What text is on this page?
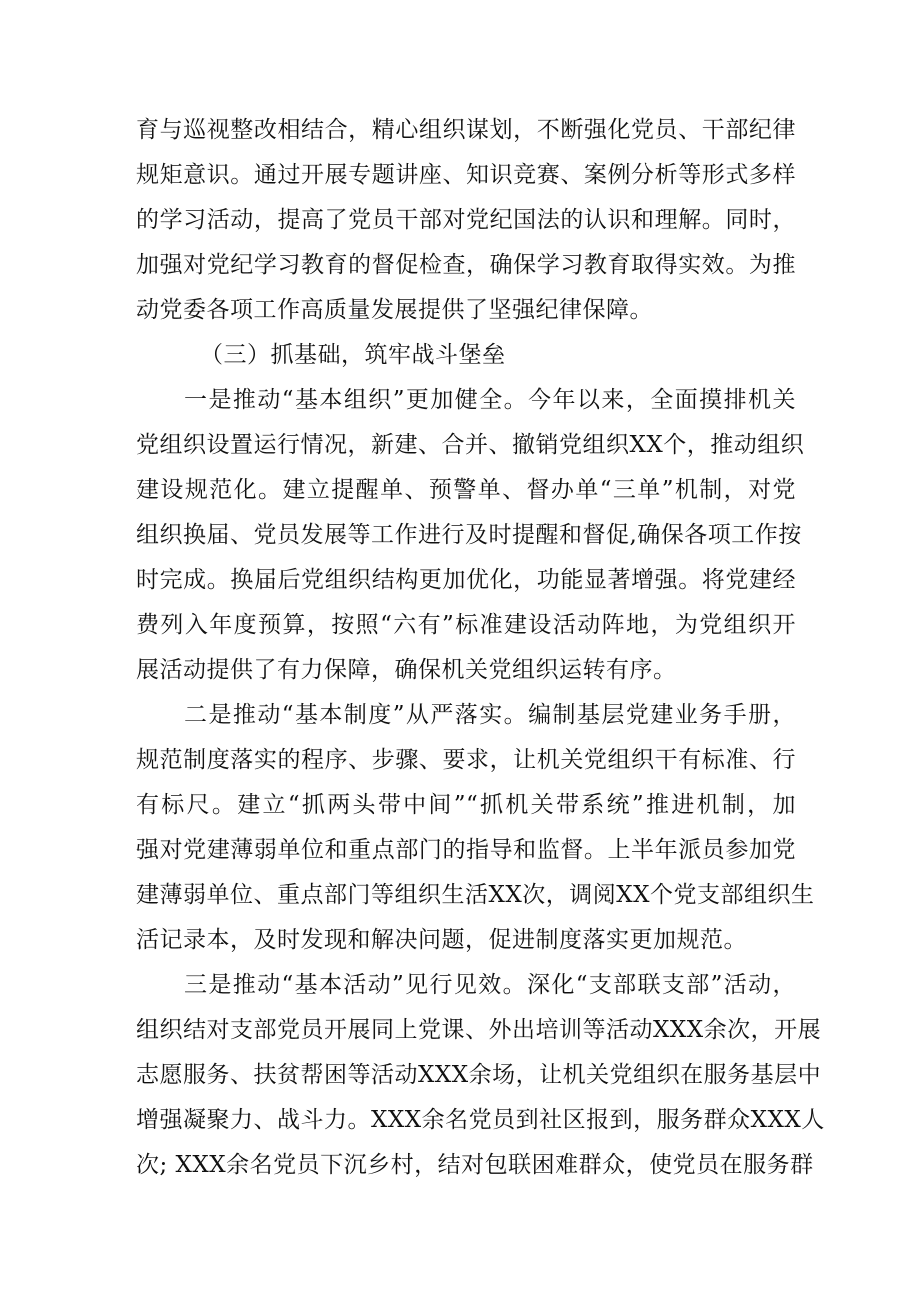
育与巡视整改相结合，精心组织谋划，不断强化党员、干部纪律
规矩意识。通过开展专题讲座、知识竞赛、案例分析等形式多样
的学习活动，提高了党员干部对党纪国法的认识和理解。同时，
加强对党纪学习教育的督促检查，确保学习教育取得实效。为推
动党委各项工作高质量发展提供了坚强纪律保障。
（三）抓基础，筑牢战斗堡垒
一是推动“基本组织”更加健全。今年以来，全面摸排机关
党组织设置运行情况，新建、合并、撤销党组织XX个，推动组织
建设规范化。建立提醒单、预警单、督办单“三单”机制，对党
组织换届、党员发展等工作进行及时提醒和督促,确保各项工作按
时完成。换届后党组织结构更加优化，功能显著增强。将党建经
费列入年度预算，按照“六有”标准建设活动阵地，为党组织开
展活动提供了有力保障，确保机关党组织运转有序。
二是推动“基本制度”从严落实。编制基层党建业务手册，
规范制度落实的程序、步骤、要求，让机关党组织干有标准、行
有标尺。建立“抓两头带中间”“抓机关带系统”推进机制，加
强对党建薄弱单位和重点部门的指导和监督。上半年派员参加党
建薄弱单位、重点部门等组织生活XX次，调阅XX个党支部组织生
活记录本，及时发现和解决问题，促进制度落实更加规范。
三是推动“基本活动”见行见效。深化“支部联支部”活动，
组织结对支部党员开展同上党课、外出培训等活动XXX余次，开展
志愿服务、扶贫帮困等活动XXX余场，让机关党组织在服务基层中
增强凝聚力、战斗力。XXX余名党员到社区报到，服务群众XXX人
次; XXX余名党员下沉乡村，结对包联困难群众，使党员在服务群
